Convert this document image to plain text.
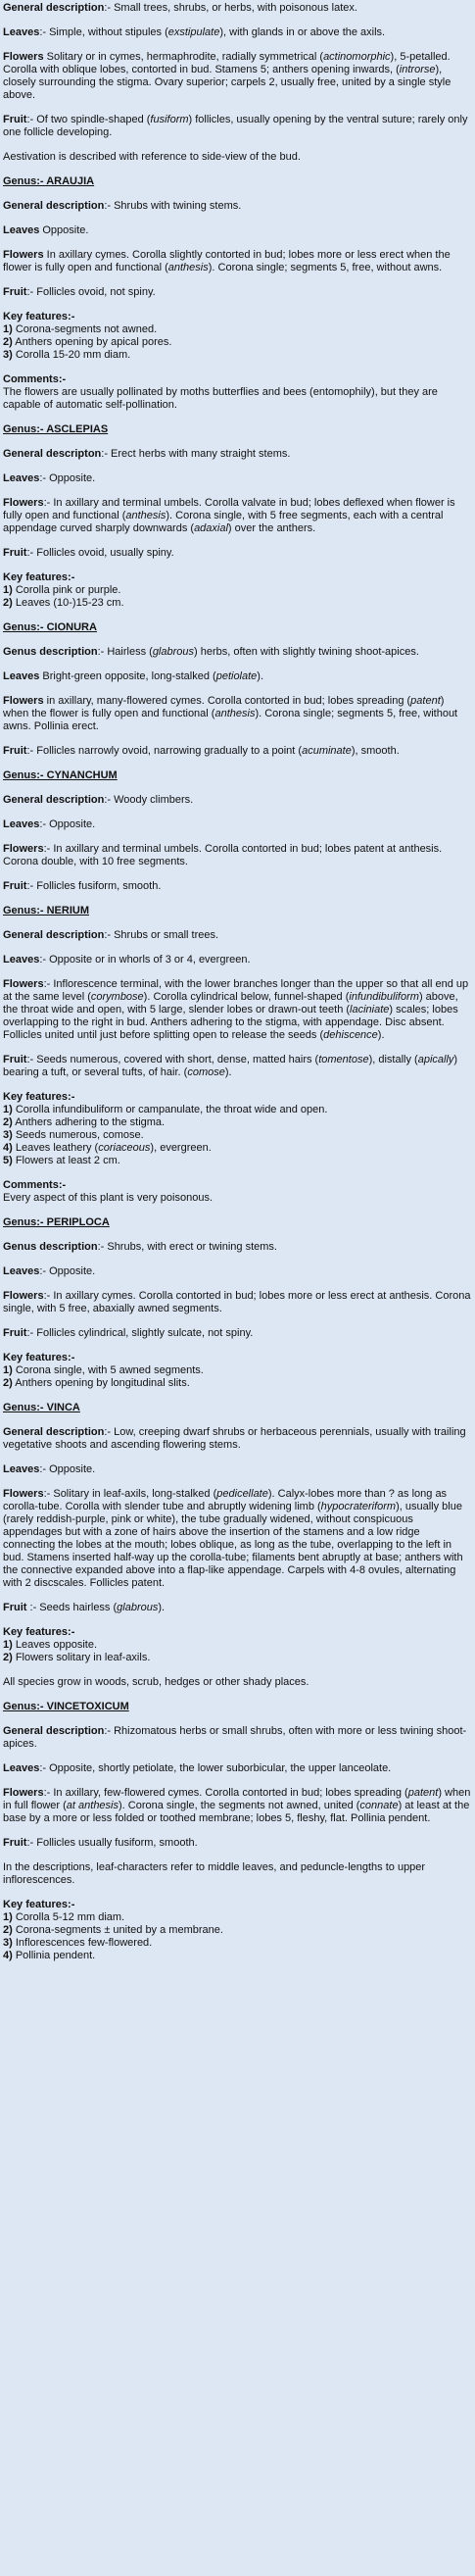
General description:- Small trees, shrubs, or herbs, with poisonous latex.
Leaves:- Simple, without stipules (exstipulate), with glands in or above the axils.
Flowers Solitary or in cymes, hermaphrodite, radially symmetrical (actinomorphic), 5-petalled. Corolla with oblique lobes, contorted in bud. Stamens 5; anthers opening inwards, (introrse), closely surrounding the stigma. Ovary superior; carpels 2, usually free, united by a single style above.
Fruit:- Of two spindle-shaped (fusiform) follicles, usually opening by the ventral suture; rarely only one follicle developing.
Aestivation is described with reference to side-view of the bud.
Genus:- ARAUJIA
General description:- Shrubs with twining stems.
Leaves Opposite.
Flowers In axillary cymes. Corolla slightly contorted in bud; lobes more or less erect when the flower is fully open and functional (anthesis). Corona single; segments 5, free, without awns.
Fruit:- Follicles ovoid, not spiny.
Key features:-
1) Corona-segments not awned.
2) Anthers opening by apical pores.
3) Corolla 15-20 mm diam.
Comments:-
The flowers are usually pollinated by moths butterflies and bees (entomophily), but they are capable of automatic self-pollination.
Genus:- ASCLEPIAS
General descripton:- Erect herbs with many straight stems.
Leaves:- Opposite.
Flowers:- In axillary and terminal umbels. Corolla valvate in bud; lobes deflexed when flower is fully open and functional (anthesis). Corona single, with 5 free segments, each with a central appendage curved sharply downwards (adaxial) over the anthers.
Fruit:- Follicles ovoid, usually spiny.
Key features:-
1) Corolla pink or purple.
2) Leaves (10-)15-23 cm.
Genus:- CIONURA
Genus description:- Hairless (glabrous) herbs, often with slightly twining shoot-apices.
Leaves Bright-green opposite, long-stalked (petiolate).
Flowers in axillary, many-flowered cymes. Corolla contorted in bud; lobes spreading (patent) when the flower is fully open and functional (anthesis). Corona single; segments 5, free, without awns. Pollinia erect.
Fruit:- Follicles narrowly ovoid, narrowing gradually to a point (acuminate), smooth.
Genus:- CYNANCHUM
General description:- Woody climbers.
Leaves:- Opposite.
Flowers:- In axillary and terminal umbels. Corolla contorted in bud; lobes patent at anthesis. Corona double, with 10 free segments.
Fruit:- Follicles fusiform, smooth.
Genus:- NERIUM
General description:- Shrubs or small trees.
Leaves:- Opposite or in whorls of 3 or 4, evergreen.
Flowers:- Inflorescence terminal, with the lower branches longer than the upper so that all end up at the same level (corymbose). Corolla cylindrical below, funnel-shaped (infundibuliform) above, the throat wide and open, with 5 large, slender lobes or drawn-out teeth (laciniate) scales; lobes overlapping to the right in bud. Anthers adhering to the stigma, with appendage. Disc absent. Follicles united until just before splitting open to release the seeds (dehiscence).
Fruit:- Seeds numerous, covered with short, dense, matted hairs (tomentose), distally (apically) bearing a tuft, or several tufts, of hair. (comose).
Key features:-
1) Corolla infundibuliform or campanulate, the throat wide and open.
2) Anthers adhering to the stigma.
3) Seeds numerous, comose.
4) Leaves leathery (coriaceous), evergreen.
5) Flowers at least 2 cm.
Comments:-
Every aspect of this plant is very poisonous.
Genus:- PERIPLOCA
Genus description:- Shrubs, with erect or twining stems.
Leaves:- Opposite.
Flowers:- In axillary cymes. Corolla contorted in bud; lobes more or less erect at anthesis. Corona single, with 5 free, abaxially awned segments.
Fruit:- Follicles cylindrical, slightly sulcate, not spiny.
Key features:-
1) Corona single, with 5 awned segments.
2) Anthers opening by longitudinal slits.
Genus:- VINCA
General description:- Low, creeping dwarf shrubs or herbaceous perennials, usually with trailing vegetative shoots and ascending flowering stems.
Leaves:- Opposite.
Flowers:- Solitary in leaf-axils, long-stalked (pedicellate). Calyx-lobes more than ? as long as corolla-tube. Corolla with slender tube and abruptly widening limb (hypocrateriform), usually blue (rarely reddish-purple, pink or white), the tube gradually widened, without conspicuous appendages but with a zone of hairs above the insertion of the stamens and a low ridge connecting the lobes at the mouth; lobes oblique, as long as the tube, overlapping to the left in bud. Stamens inserted half-way up the corolla-tube; filaments bent abruptly at base; anthers with the connective expanded above into a flap-like appendage. Carpels with 4-8 ovules, alternating with 2 discscales. Follicles patent.
Fruit :- Seeds hairless (glabrous).
Key features:-
1) Leaves opposite.
2) Flowers solitary in leaf-axils.
All species grow in woods, scrub, hedges or other shady places.
Genus:- VINCETOXICUM
General description:- Rhizomatous herbs or small shrubs, often with more or less twining shoot-apices.
Leaves:- Opposite, shortly petiolate, the lower suborbicular, the upper lanceolate.
Flowers:- In axillary, few-flowered cymes. Corolla contorted in bud; lobes spreading (patent) when in full flower (at anthesis). Corona single, the segments not awned, united (connate) at least at the base by a more or less folded or toothed membrane; lobes 5, fleshy, flat. Pollinia pendent.
Fruit:- Follicles usually fusiform, smooth.
In the descriptions, leaf-characters refer to middle leaves, and peduncle-lengths to upper inflorescences.
Key features:-
1) Corolla 5-12 mm diam.
2) Corona-segments ± united by a membrane.
3) Inflorescences few-flowered.
4) Pollinia pendent.
